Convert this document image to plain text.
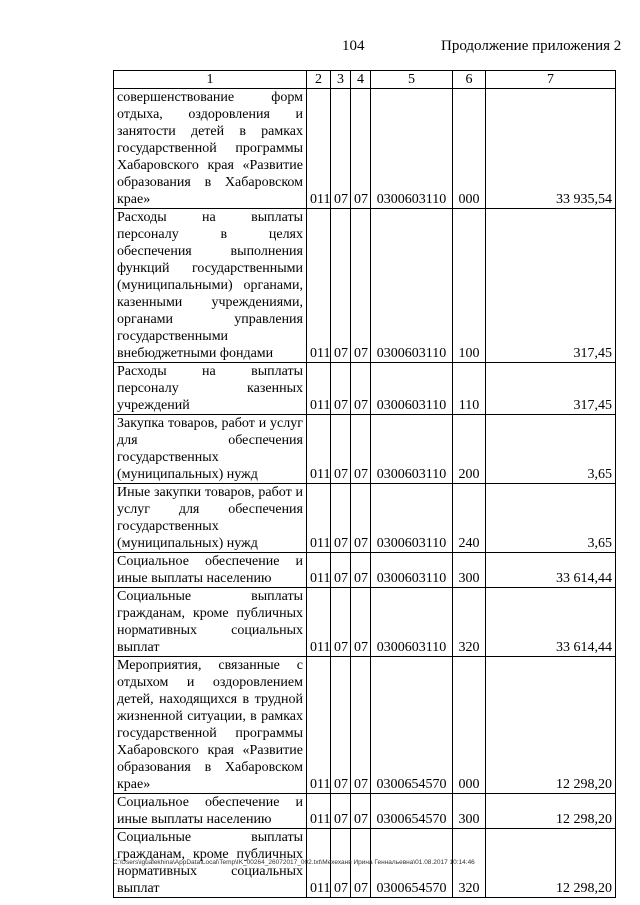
104	Продолжение приложения 2
1	2	3	4	5	6	7
совершенствование форм отдыха, оздоровления и занятости детей в рамках государственной программы Хабаровского края «Развитие образования в Хабаровском крае»	011	07	07	0300603110	000	33 935,54
Расходы на выплаты персоналу в целях обеспечения выполнения функций государственными (муниципальными) органами, казенными учреждениями, органами управления государственными внебюджетными фондами	011	07	07	0300603110	100	317,45
Расходы на выплаты персоналу казенных учреждений	011	07	07	0300603110	110	317,45
Закупка товаров, работ и услуг для обеспечения государственных (муниципальных) нужд	011	07	07	0300603110	200	3,65
Иные закупки товаров, работ и услуг для обеспечения государственных (муниципальных) нужд	011	07	07	0300603110	240	3,65
Социальное обеспечение и иные выплаты населению	011	07	07	0300603110	300	33 614,44
Социальные выплаты гражданам, кроме публичных нормативных социальных выплат	011	07	07	0300603110	320	33 614,44
Мероприятия, связанные с отдыхом и оздоровлением детей, находящихся в трудной жизненной ситуации, в рамках государственной программы Хабаровского края «Развитие образования в Хабаровском крае»	011	07	07	0300654570	000	12 298,20
Социальное обеспечение и иные выплаты населению	011	07	07	0300654570	300	12 298,20
Социальные выплаты гражданам, кроме публичных нормативных социальных выплат	011	07	07	0300654570	320	12 298,20
C:\Users\igualekhina\AppData\Local\Temp\IK_00264_26072017_002.txt\Мехеханв Ирина Геннальевна\01.08.2017 10:14:46
